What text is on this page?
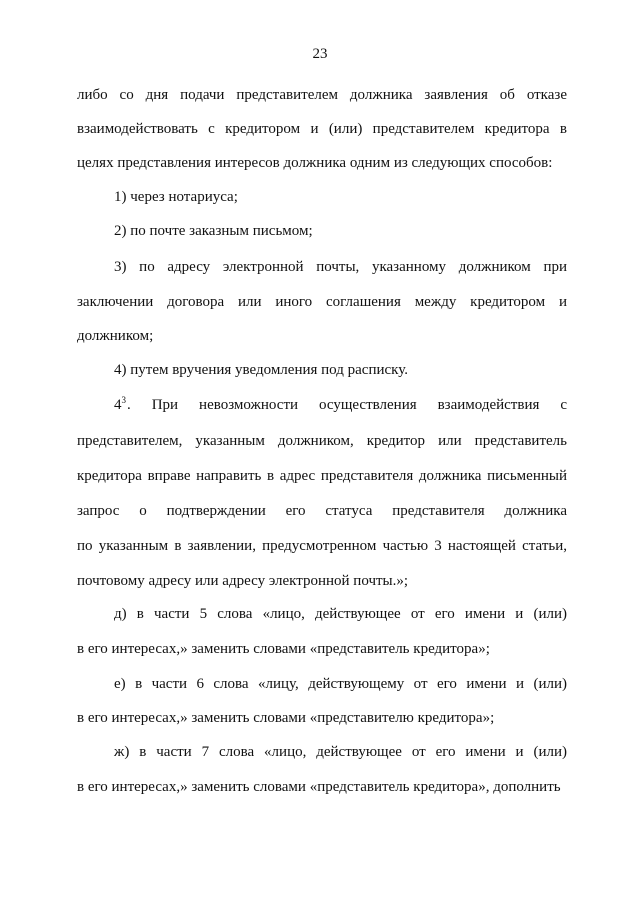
23
либо со дня подачи представителем должника заявления об отказе
взаимодействовать с кредитором и (или) представителем кредитора в
целях представления интересов должника одним из следующих способов:
1) через нотариуса;
2) по почте заказным письмом;
3) по адресу электронной почты, указанному должником при
заключении договора или иного соглашения между кредитором и
должником;
4) путем вручения уведомления под расписку.
$4^3$ . При невозможности осуществления взаимодействия с
представителем, указанным должником, кредитор или представитель
кредитора вправе направить в адрес представителя должника письменный
запрос о подтверждении его статуса представителя должника
по указанным в заявлении, предусмотренном частью 3 настоящей статьи,
почтовому адресу или адресу электронной почты.»;
д) в части 5 слова «лицо, действующее от его имени и (или)
в его интересах,» заменить словами «представитель кредитора»;
е) в части 6 слова «лицу, действующему от его имени и (или)
в его интересах,» заменить словами «представителю кредитора»;
ж) в части 7 слова «лицо, действующее от его имени и (или)
в его интересах,» заменить словами «представитель кредитора», дополнить
